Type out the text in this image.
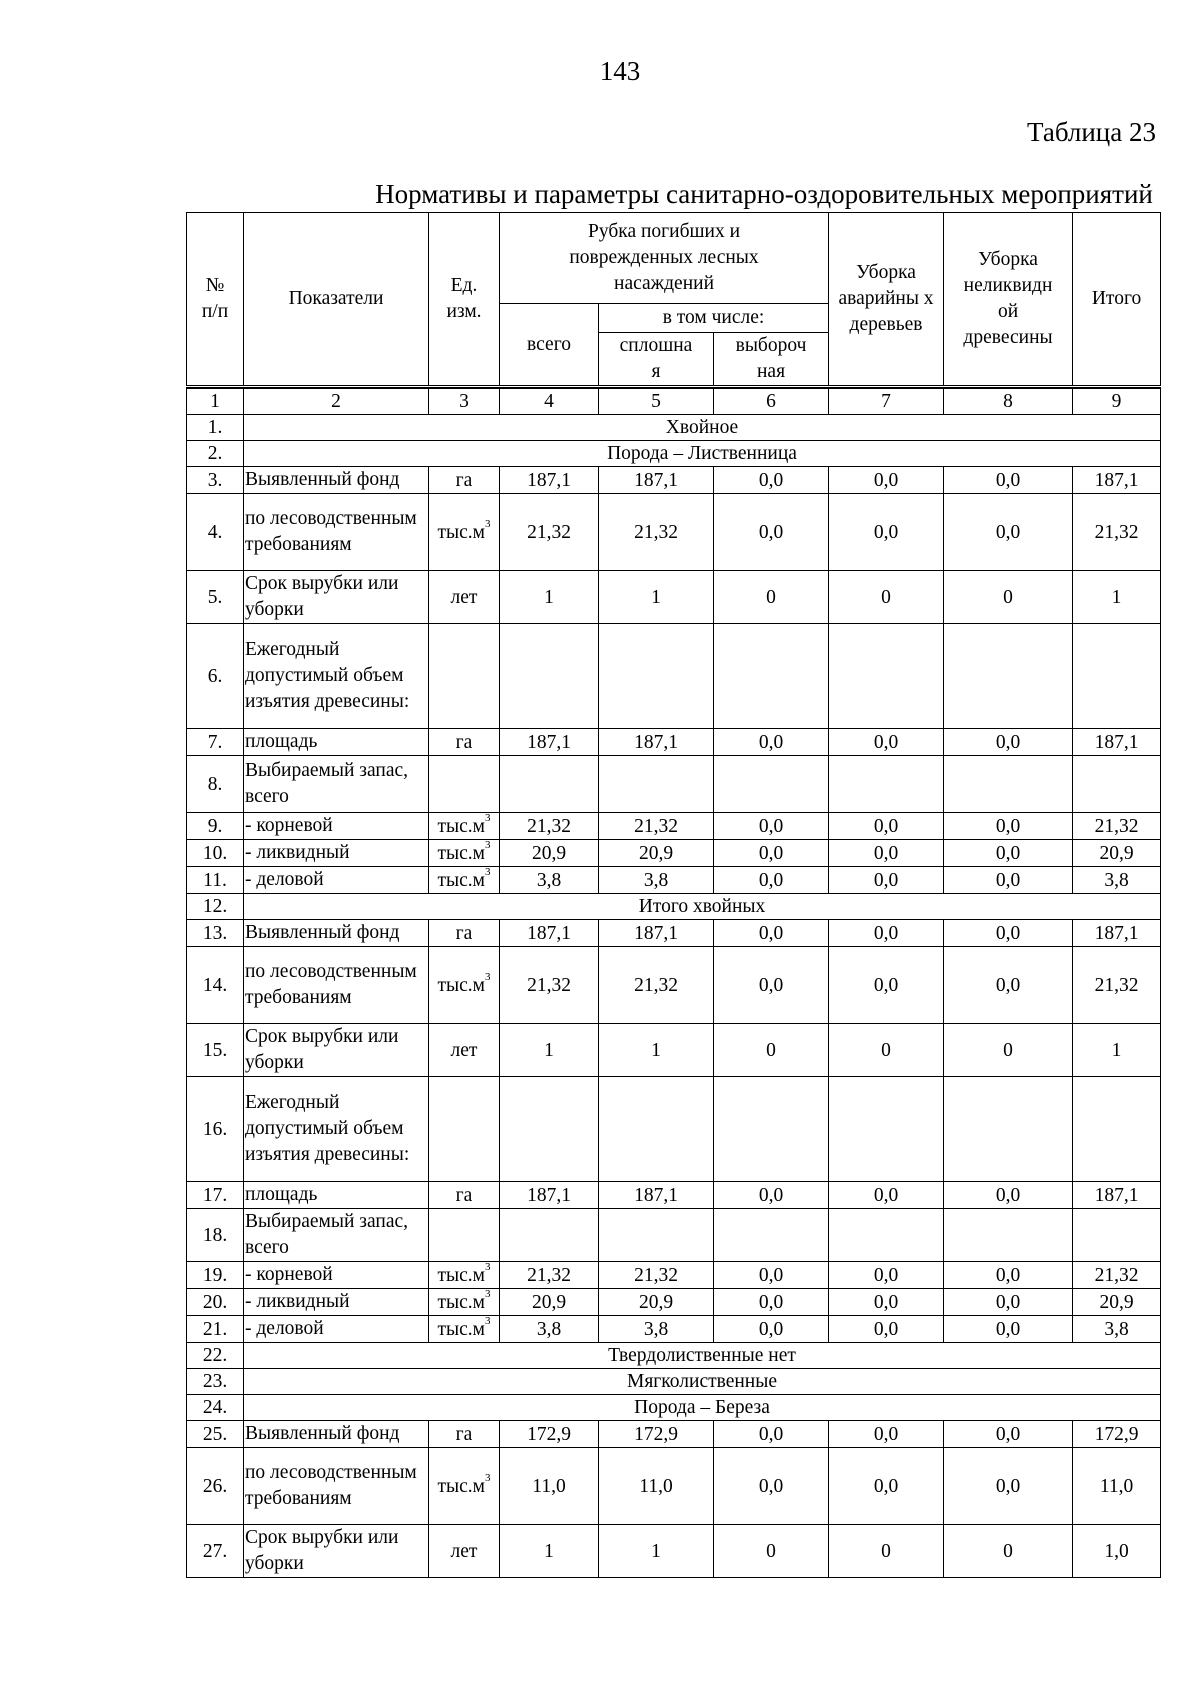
143
Таблица 23
Нормативы и параметры санитарно-оздоровительных мероприятий
№ п/п	Показатели	Ед. изм.	Рубка погибших и поврежденных лесных насаждений			Уборка аварийны х деревьев	Уборка неликвидн ой древесины	Итого
			всего	в том числе:				
				сплошна я	выбороч ная			

1	2	3	4	5	6	7	8	9
1.	Хвойное							
2.	Порода – Лиственница							
3.	Выявленный фонд	га	187,1	187,1	0,0	0,0	0,0	187,1
4.	по лесоводственным требованиям	$тыс.м^3$	21,32	21,32	0,0	0,0	0,0	21,32
5.	Срок вырубки или уборки	лет	1	1	0	0	0	1
6.	Ежегодный допустимый объем изъятия древесины:							
7.	площадь	га	187,1	187,1	0,0	0,0	0,0	187,1
8.	Выбираемый запас, всего							
9.	- корневой	$тыс.м^3$	21,32	21,32	0,0	0,0	0,0	21,32
10.	- ликвидный	$тыс.м^3$	20,9	20,9	0,0	0,0	0,0	20,9
11.	- деловой	$тыс.м^3$	3,8	3,8	0,0	0,0	0,0	3,8
12.	Итого хвойных							
13.	Выявленный фонд	га	187,1	187,1	0,0	0,0	0,0	187,1
14.	по лесоводственным требованиям	$тыс.м^3$	21,32	21,32	0,0	0,0	0,0	21,32
15.	Срок вырубки или уборки	лет	1	1	0	0	0	1
16.	Ежегодный допустимый объем изъятия древесины:							
17.	площадь	га	187,1	187,1	0,0	0,0	0,0	187,1
18.	Выбираемый запас, всего							
19.	- корневой	$тыс.м^3$	21,32	21,32	0,0	0,0	0,0	21,32
20.	- ликвидный	$тыс.м^3$	20,9	20,9	0,0	0,0	0,0	20,9
21.	- деловой	$тыс.м^3$	3,8	3,8	0,0	0,0	0,0	3,8
22.	Твердолиственные нет							
23.	Мягколиственные							
24.	Порода – Береза							
25.	Выявленный фонд	га	172,9	172,9	0,0	0,0	0,0	172,9
26.	по лесоводственным требованиям	$тыс.м^3$	11,0	11,0	0,0	0,0	0,0	11,0
27.	Срок вырубки или уборки	лет	1	1	0	0	0	1,0
